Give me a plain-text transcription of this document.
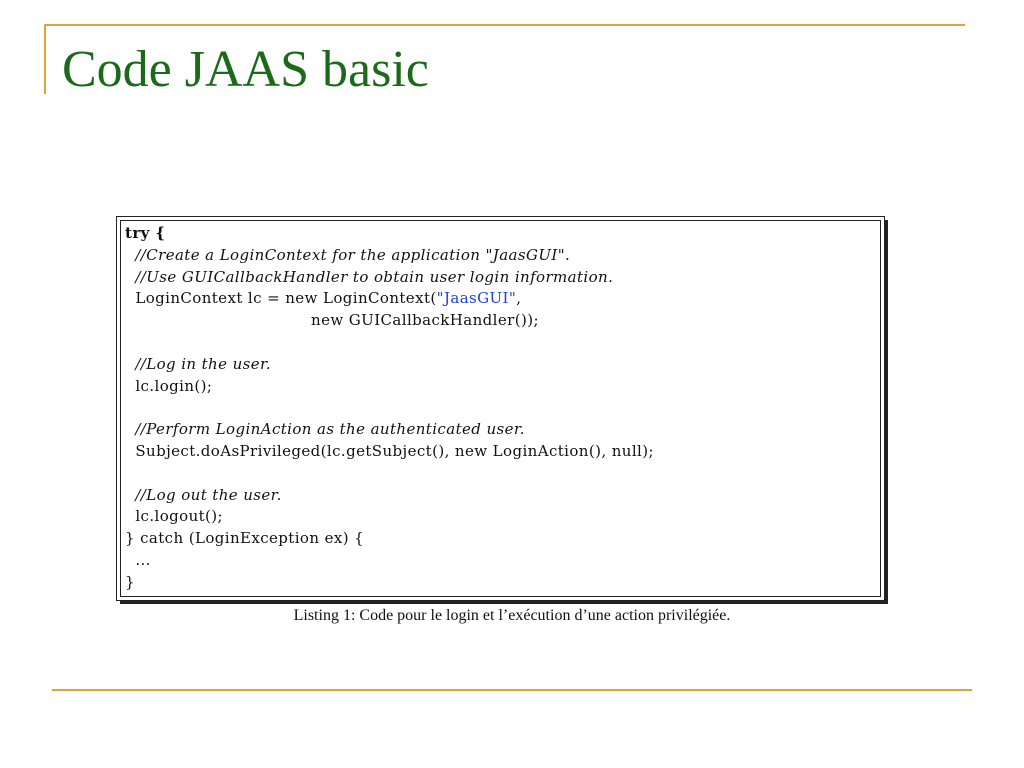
Code JAAS basic
try {
//Create a LoginContext for the application "JaasGUI".
//Use GUICallbackHandler to obtain user login information.
LoginContext lc = new LoginContext("JaasGUI",
new GUICallbackHandler());
//Log in the user.
lc.login();
//Perform LoginAction as the authenticated user.
Subject.doAsPrivileged(lc.getSubject(), new LoginAction(), null);
//Log out the user.
lc.logout();
} catch (LoginException ex) {
...
}
Listing 1: Code pour le login et l’exécution d’une action privilégiée.
